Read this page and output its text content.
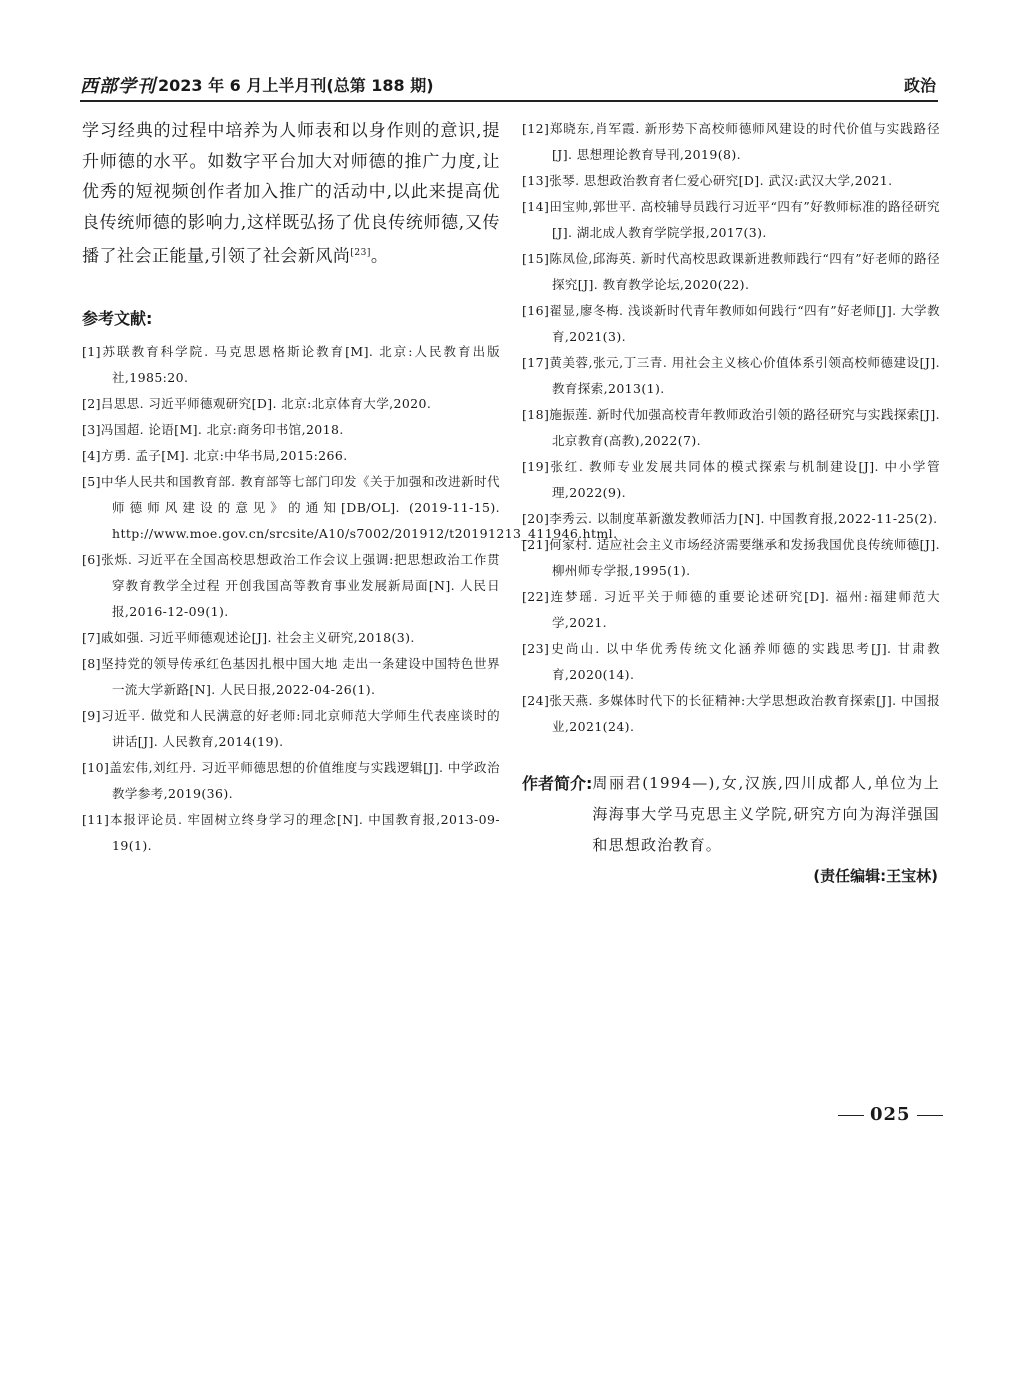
西部学刊 2023 年 6 月上半月刊(总第 188 期)	政治

学习经典的过程中培养为人师表和以身作则的意识,提升师德的水平。如数字平台加大对师德的推广力度,让优秀的短视频创作者加入推广的活动中,以此来提高优良传统师德的影响力,这样既弘扬了优良传统师德,又传播了社会正能量,引领了社会新风尚[23]。

参考文献:
[1]苏联教育科学院. 马克思恩格斯论教育[M]. 北京:人民教育出版社,1985:20.
[2]吕思思. 习近平师德观研究[D]. 北京:北京体育大学,2020.
[3]冯国超. 论语[M]. 北京:商务印书馆,2018.
[4]方勇. 孟子[M]. 北京:中华书局,2015:266.
[5]中华人民共和国教育部. 教育部等七部门印发《关于加强和改进新时代师德师风建设的意见》的通知[DB/OL]. (2019-11-15). http://www.moe.gov.cn/srcsite/A10/s7002/201912/t20191213_411946.html.
[6]张烁. 习近平在全国高校思想政治工作会议上强调:把思想政治工作贯穿教育教学全过程 开创我国高等教育事业发展新局面[N]. 人民日报,2016-12-09(1).
[7]戚如强. 习近平师德观述论[J]. 社会主义研究,2018(3).
[8]坚持党的领导传承红色基因扎根中国大地 走出一条建设中国特色世界一流大学新路[N]. 人民日报,2022-04-26(1).
[9]习近平. 做党和人民满意的好老师:同北京师范大学师生代表座谈时的讲话[J]. 人民教育,2014(19).
[10]盖宏伟,刘红丹. 习近平师德思想的价值维度与实践逻辑[J]. 中学政治教学参考,2019(36).
[11]本报评论员. 牢固树立终身学习的理念[N]. 中国教育报,2013-09-19(1).
[12]郑晓东,肖军霞. 新形势下高校师德师风建设的时代价值与实践路径[J]. 思想理论教育导刊,2019(8).
[13]张琴. 思想政治教育者仁爱心研究[D]. 武汉:武汉大学,2021.
[14]田宝帅,郭世平. 高校辅导员践行习近平“四有”好教师标准的路径研究[J]. 湖北成人教育学院学报,2017(3).
[15]陈凤俭,邱海英. 新时代高校思政课新进教师践行“四有”好老师的路径探究[J]. 教育教学论坛,2020(22).
[16]翟显,廖冬梅. 浅谈新时代青年教师如何践行“四有”好老师[J]. 大学教育,2021(3).
[17]黄美蓉,张元,丁三青. 用社会主义核心价值体系引领高校师德建设[J]. 教育探索,2013(1).
[18]施振莲. 新时代加强高校青年教师政治引领的路径研究与实践探索[J]. 北京教育(高教),2022(7).
[19]张红. 教师专业发展共同体的模式探索与机制建设[J]. 中小学管理,2022(9).
[20]李秀云. 以制度革新激发教师活力[N]. 中国教育报,2022-11-25(2).
[21]何家村. 适应社会主义市场经济需要继承和发扬我国优良传统师德[J]. 柳州师专学报,1995(1).
[22]连梦瑶. 习近平关于师德的重要论述研究[D]. 福州:福建师范大学,2021.
[23]史尚山. 以中华优秀传统文化涵养师德的实践思考[J]. 甘肃教育,2020(14).
[24]张天燕. 多媒体时代下的长征精神:大学思想政治教育探索[J]. 中国报业,2021(24).
作者简介: 周丽君(1994—),女,汉族,四川成都人,单位为上海海事大学马克思主义学院,研究方向为海洋强国和思想政治教育。
(责任编辑:王宝林)
025
